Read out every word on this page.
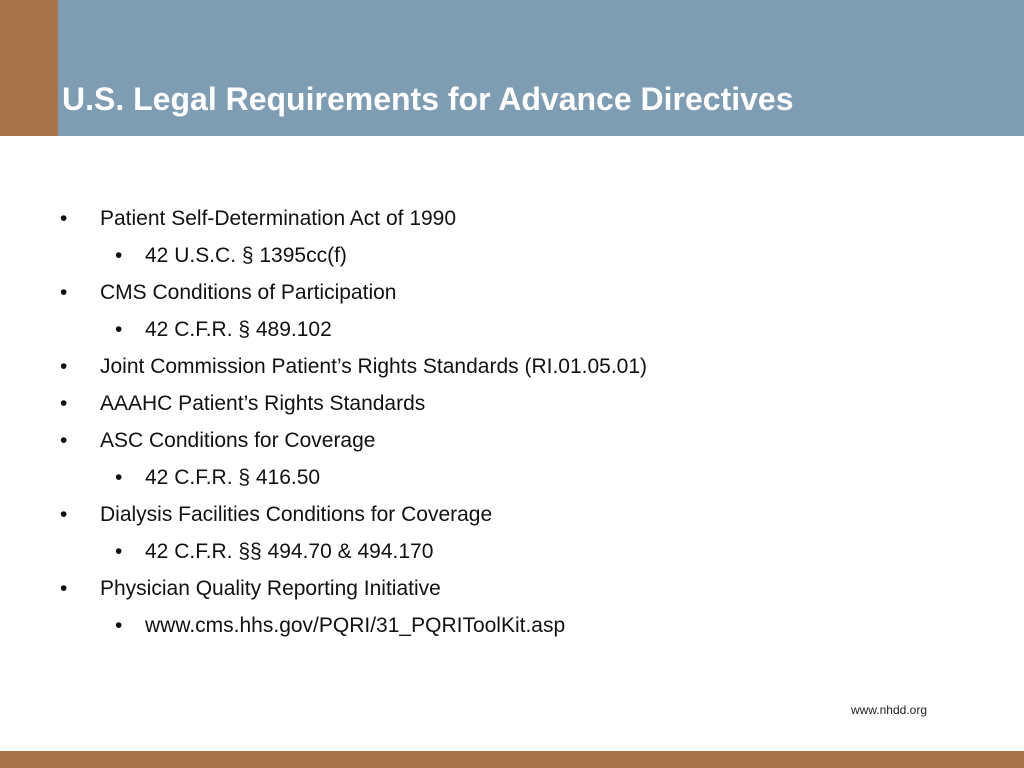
U.S. Legal Requirements for Advance Directives
• Patient Self-Determination Act of 1990
• 42 U.S.C. § 1395cc(f)
• CMS Conditions of Participation
• 42 C.F.R. § 489.102
• Joint Commission Patient’s Rights Standards (RI.01.05.01)
• AAAHC Patient’s Rights Standards
• ASC Conditions for Coverage
• 42 C.F.R. § 416.50
• Dialysis Facilities Conditions for Coverage
• 42 C.F.R. §§ 494.70 & 494.170
• Physician Quality Reporting Initiative
• www.cms.hhs.gov/PQRI/31_PQRIToolKit.asp
www.nhdd.org
